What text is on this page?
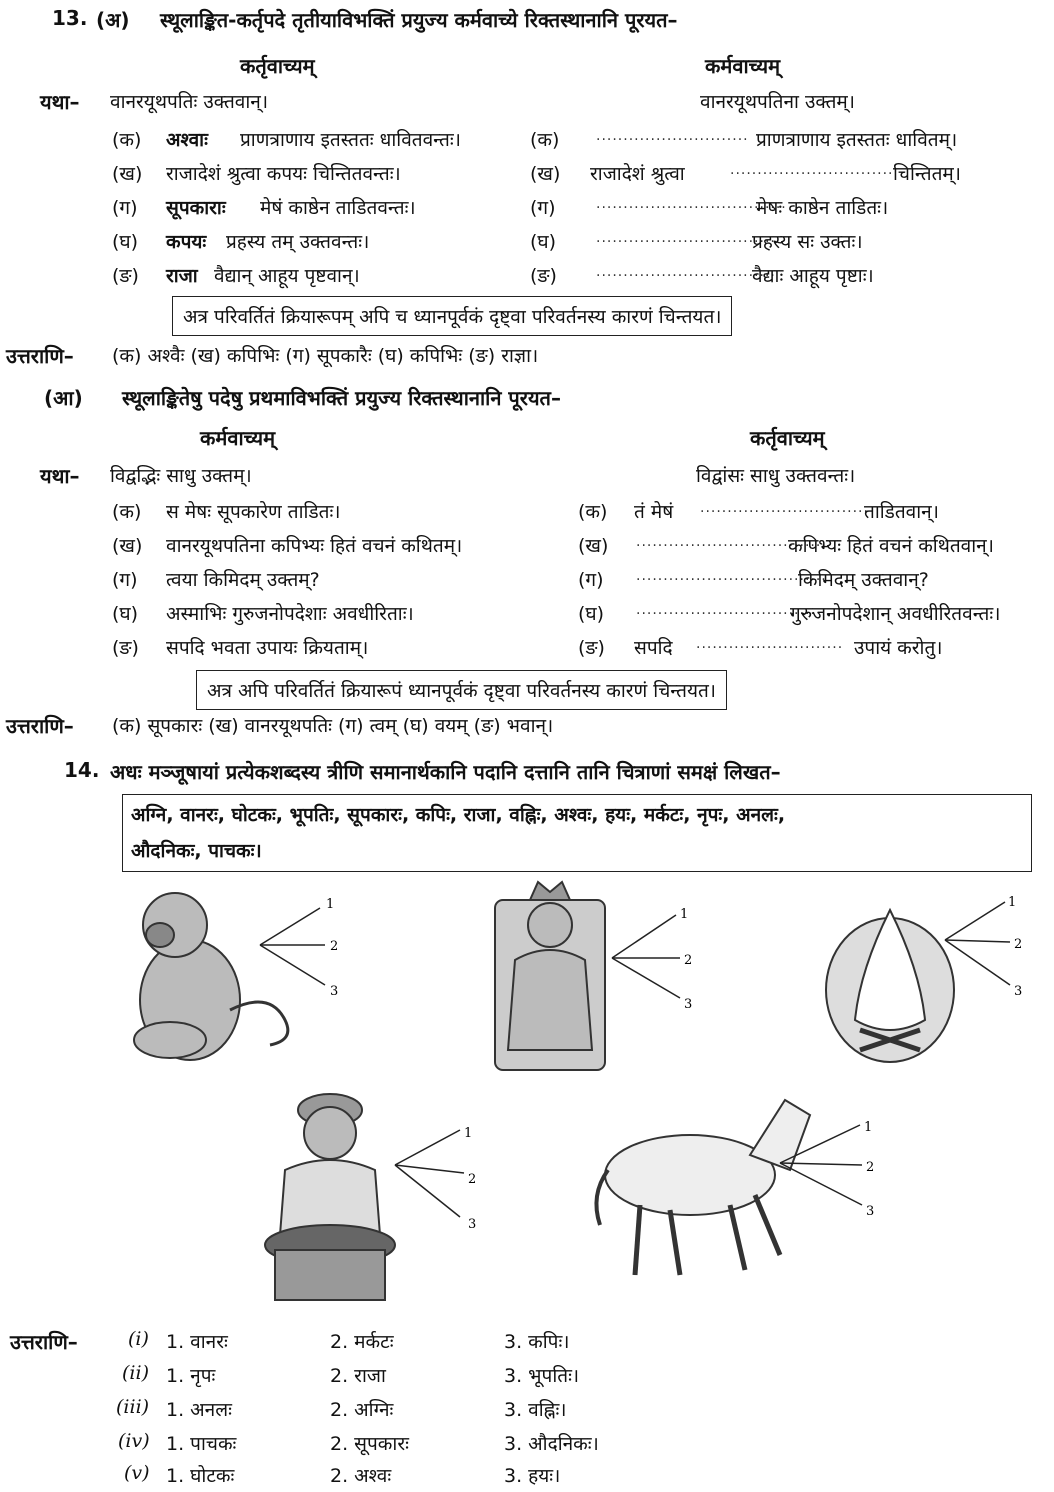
13. (अ) स्थूलाङ्कित-कर्तृपदे तृतीयाविभक्तिं प्रयुज्य कर्मवाच्ये रिक्तस्थानानि पूरयत–
कर्तृवाच्यम्	कर्मवाच्यम्
यथा– वानरयूथपतिः उक्तवान्।	वानरयूथपतिना उक्तम्।
(क) अश्वाः प्राणत्राणाय इतस्ततः धावितवन्तः।	(क)	............................ प्राणत्राणाय इतस्ततः धावितम्।
(ख) राजादेशं श्रुत्वा कपयः चिन्तितवन्तः।	(ख) राजादेशं श्रुत्वा	.............................. चिन्तितम्।
(ग) सूपकाराः मेषं काष्ठेन ताडितवन्तः।	(ग)	...................................
मेषः काष्ठेन ताडितः।
(घ) कपयः प्रहस्य तम् उक्तवन्तः।	(घ)	.................................
प्रहस्य सः उक्तः।
(ङ) राजा वैद्यान् आहूय पृष्टवान्।	(ङ)	.................................
वैद्याः आहूय पृष्टाः।
अत्र परिवर्तितं क्रियारूपम् अपि च ध्यानपूर्वकं दृष्ट्वा परिवर्तनस्य कारणं चिन्तयत।
उत्तराणि– (क) अश्वैः (ख) कपिभिः (ग) सूपकारैः (घ) कपिभिः (ङ) राज्ञा।
(आ) स्थूलाङ्कितेषु पदेषु प्रथमाविभक्तिं प्रयुज्य रिक्तस्थानानि पूरयत–
कर्मवाच्यम्	कर्तृवाच्यम्
यथा– विद्वद्भिः साधु उक्तम्।	विद्वांसः साधु उक्तवन्तः।
(क) स मेषः सूपकारेण ताडितः।	(क) तं मेषं ...............................
ताडितवान्।
(ख) वानरयूथपतिना कपिभ्यः हितं वचनं कथितम्।	(ख) ...................................
कपिभ्यः हितं वचनं कथितवान्।
(ग) त्वया किमिदम् उक्तम्?	(ग) ...................................
किमिदम् उक्तवान्?
(घ) अस्माभिः गुरुजनोपदेशाः अवधीरिताः।	(घ) .................................
गुरुजनोपदेशान् अवधीरितवन्तः।
(ङ) सपदि भवता उपायः क्रियताम्।	(ङ) सपदि ........................... उपायं करोतु।
अत्र अपि परिवर्तितं क्रियारूपं ध्यानपूर्वकं दृष्ट्वा परिवर्तनस्य कारणं चिन्तयत।
उत्तराणि– (क) सूपकारः (ख) वानरयूथपतिः (ग) त्वम् (घ) वयम् (ङ) भवान्।
14. अधः मञ्जूषायां प्रत्येकशब्दस्य त्रीणि समानार्थकानि पदानि दत्तानि तानि चित्राणां समक्षं लिखत–
अग्नि, वानरः, घोटकः, भूपतिः, सूपकारः, कपिः, राजा, वह्निः, अश्वः, हयः, मर्कटः, नृपः, अनलः,
औदनिकः, पाचकः।
1
2
3
1
2
3
1
2
3
1
2
3
1
2
3
उत्तराणि–	(i) 1. वानरः	2. मर्कटः	3. कपिः।
(ii) 1. नृपः	2. राजा	3. भूपतिः।
(iii) 1. अनलः	2. अग्निः	3. वह्निः।
(iv) 1. पाचकः	2. सूपकारः	3. औदनिकः।
(v) 1. घोटकः	2. अश्वः	3. हयः।
